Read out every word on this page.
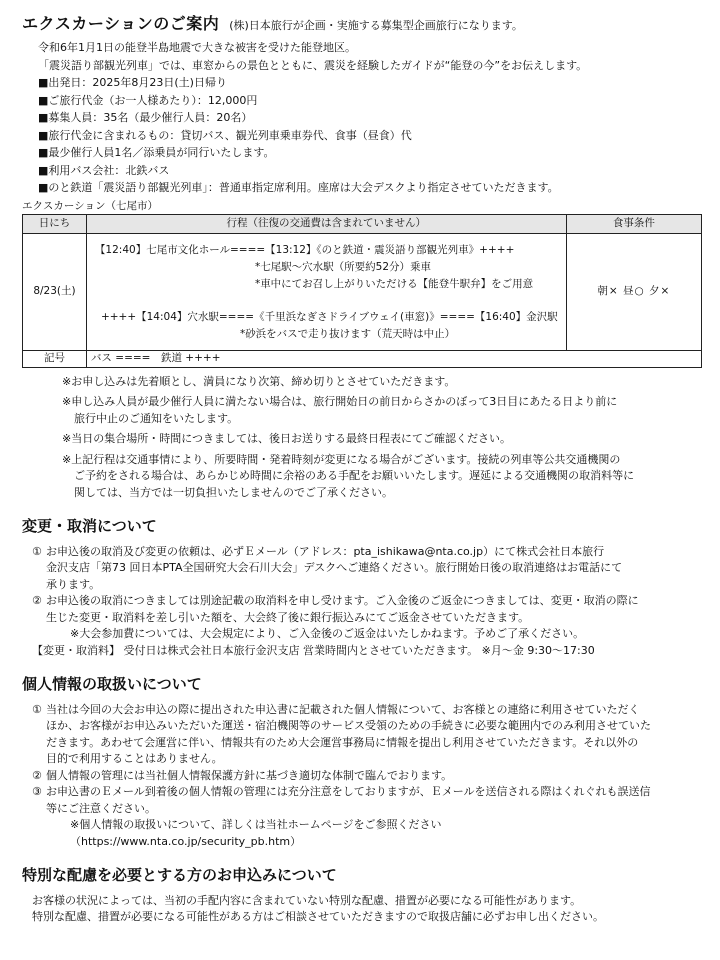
エクスカーションのご案内 (株)日本旅行が企画・実施する募集型企画旅行になります。

令和6年1月1日の能登半島地震で大きな被害を受けた能登地区。

「震災語り部観光列車」では、車窓からの景色とともに、震災を経験したガイドが“能登の今”をお伝えします。

■出発日：2025年8月23日(土)日帰り

■ご旅行代金（お一人様あたり）：12,000円

■募集人員：35名（最少催行人員：20名）

■旅行代金に含まれるもの：貸切バス、観光列車乗車券代、食事（昼食）代

■最少催行人員1名／添乗員が同行いたします。

■利用バス会社：北鉄バス

■のと鉄道「震災語り部観光列車」：普通車指定席利用。座席は大会デスクより指定させていただきます。

エクスカーション（七尾市）
日にち	行程（往復の交通費は含まれていません）	食事条件
8/23(土)	【12:40】七尾市文化ホール====【13:12】《のと鉄道・震災語り部観光列車》++++
*七尾駅〜穴水駅（所要約52分）乗車
*車中にてお召し上がりいただける【能登牛駅弁】をご用意
++++【14:04】穴水駅====《千里浜なぎさドライブウェイ(車窓)》====【16:40】金沢駅
*砂浜をバスで走り抜けます（荒天時は中止）	朝× 昼○ 夕×
記号	バス ====　鉄道 ++++	

※お申し込みは先着順とし、満員になり次第、締め切りとさせていただきます。

※申し込み人員が最少催行人員に満たない場合は、旅行開始日の前日からさかのぼって3日目にあたる日より前に
旅行中止のご通知をいたします。

※当日の集合場所・時間につきましては、後日お送りする最終日程表にてご確認ください。

※上記行程は交通事情により、所要時間・発着時刻が変更になる場合がございます。接続の列車等公共交通機関の
ご予約をされる場合は、あらかじめ時間に余裕のある手配をお願いいたします。遅延による交通機関の取消料等に
関しては、当方では一切負担いたしませんのでご了承ください。

変更・取消について
① お申込後の取消及び変更の依頼は、必ずＥメール（アドレス：pta_ishikawa@nta.co.jp）にて株式会社日本旅行
金沢支店「第73 回日本PTA全国研究大会石川大会」デスクへご連絡ください。旅行開始日後の取消連絡はお電話にて
承ります。
② お申込後の取消につきましては別途記載の取消料を申し受けます。ご入金後のご返金につきましては、変更・取消の際に
生じた変更・取消料を差し引いた額を、大会終了後に銀行振込みにてご返金させていただきます。
※大会参加費については、大会規定により、ご入金後のご返金はいたしかねます。予めご了承ください。

【変更・取消料】 受付日は株式会社日本旅行金沢支店 営業時間内とさせていただきます。 ※月〜金 9:30〜17:30

個人情報の取扱いについて
① 当社は今回の大会お申込の際に提出された申込書に記載された個人情報について、お客様との連絡に利用させていただく
ほか、お客様がお申込みいただいた運送・宿泊機関等のサービス受領のための手続きに必要な範囲内でのみ利用させていた
だきます。あわせて会運営に伴い、情報共有のため大会運営事務局に情報を提出し利用させていただきます。それ以外の
目的で利用することはありません。
② 個人情報の管理には当社個人情報保護方針に基づき適切な体制で臨んでおります。
③ お申込書のＥメール到着後の個人情報の管理には充分注意をしておりますが、Ｅメールを送信される際はくれぐれも誤送信
等にご注意ください。
※個人情報の取扱いについて、詳しくは当社ホームページをご参照ください
（https://www.nta.co.jp/security_pb.htm）
特別な配慮を必要とする方のお申込みについて

お客様の状況によっては、当初の手配内容に含まれていない特別な配慮、措置が必要になる可能性があります。

特別な配慮、措置が必要になる可能性がある方はご相談させていただきますので取扱店舗に必ずお申し出ください。
